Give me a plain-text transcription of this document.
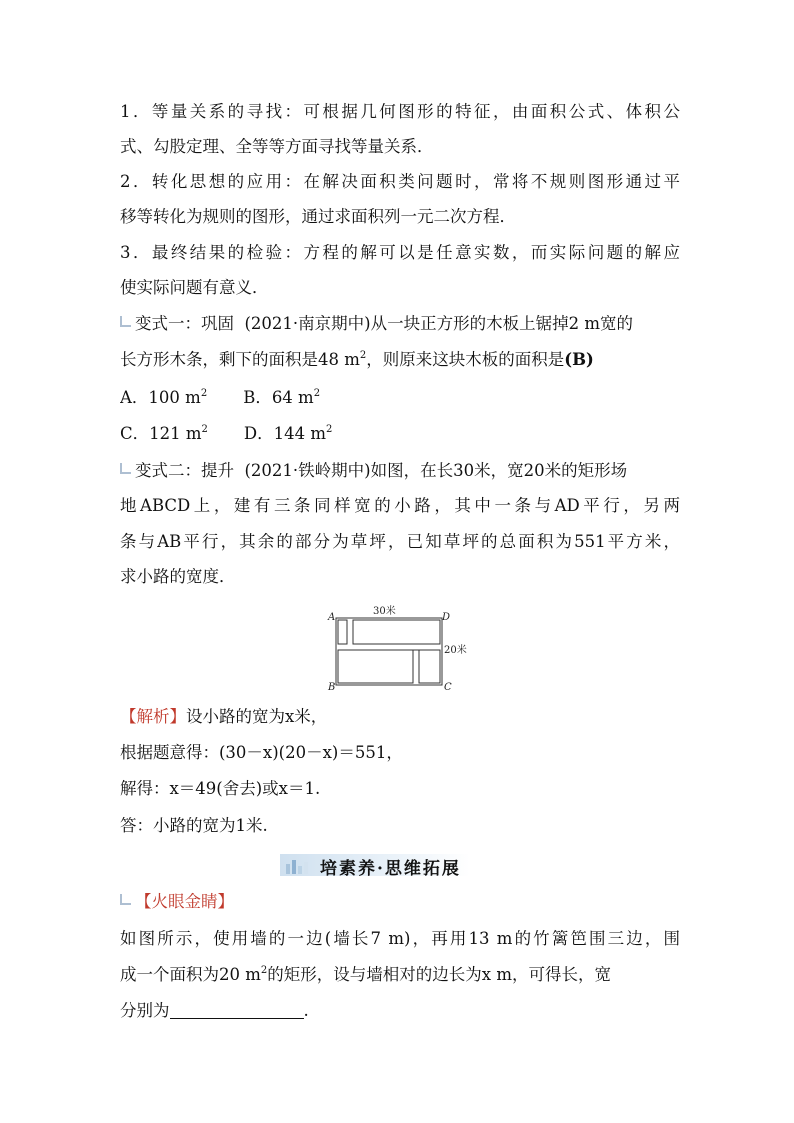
1．等量关系的寻找：可根据几何图形的特征，由面积公式、体积公
式、勾股定理、全等等方面寻找等量关系．
2．转化思想的应用：在解决面积类问题时，常将不规则图形通过平
移等转化为规则的图形，通过求面积列一元二次方程．
3．最终结果的检验：方程的解可以是任意实数，而实际问题的解应
使实际问题有意义．
变式一：巩固 (2021·南京期中)从一块正方形的木板上锯掉2 m宽的
长方形木条，剩下的面积是48 $m^2$，则原来这块木板的面积是(B)
A．100 $m^2$ B．64 $m^2$
C．121 $m^2$ D．144 $m^2$
变式二：提升 (2021·铁岭期中)如图，在长30米，宽20米的矩形场
地ABCD上，建有三条同样宽的小路，其中一条与AD平行，另两
条与AB平行，其余的部分为草坪，已知草坪的总面积为551平方米，
求小路的宽度．
A
B	C
D
30米
20米
【解析】设小路的宽为x米，
根据题意得：(30－x)(20－x)＝551，
解得：x＝49(舍去)或x＝1.
答：小路的宽为1米.
培素养·思维拓展
【火眼金睛】
如图所示，使用墙的一边(墙长7 m)，再用13 m的竹篱笆围三边，围
成一个面积为20 $m^2$的矩形，设与墙相对的边长为x m，可得长，宽
分别为	.
